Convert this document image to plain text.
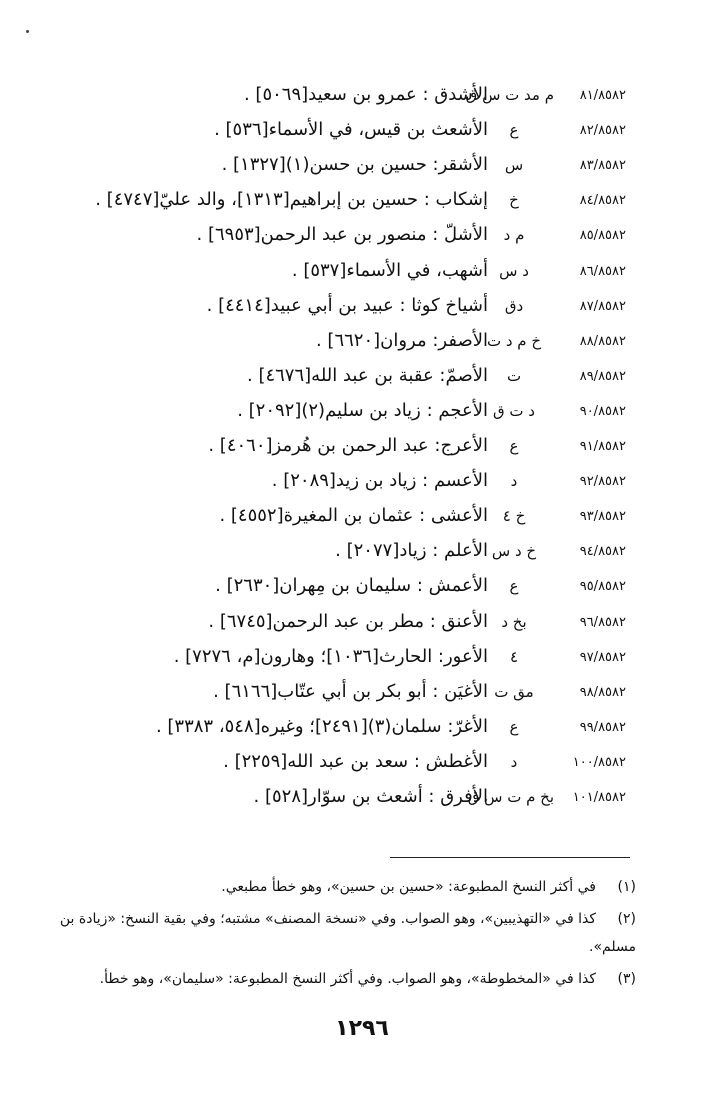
٨١/٨٥٨٢
م مد ت س ق
الأشدق : عمرو بن سعيد[٥٠٦٩] .
٨٢/٨٥٨٢
ع
الأشعث بن قيس، في الأسماء[٥٣٦] .
٨٣/٨٥٨٢
س
الأشقر: حسين بن حسن(١)[١٣٢٧] .
٨٤/٨٥٨٢
خ
إشكاب : حسين بن إبراهيم[١٣١٣]، والد عليّ[٤٧٤٧] .
٨٥/٨٥٨٢
م د
الأشلّ : منصور بن عبد الرحمن[٦٩٥٣] .
٨٦/٨٥٨٢
د س
أشهب، في الأسماء[٥٣٧] .
٨٧/٨٥٨٢
دق
أشياخ كوثا : عبيد بن أبي عبيد[٤٤١٤] .
٨٨/٨٥٨٢
خ م د ت
الأصفر: مروان[٦٦٢٠] .
٨٩/٨٥٨٢
ت
الأصمّ: عقبة بن عبد الله[٤٦٧٦] .
٩٠/٨٥٨٢
د ت ق
الأعجم : زياد بن سليم(٢)[٢٠٩٢] .
٩١/٨٥٨٢
ع
الأعرج: عبد الرحمن بن هُرمز[٤٠٦٠] .
٩٢/٨٥٨٢
د
الأعسم : زياد بن زيد[٢٠٨٩] .
٩٣/٨٥٨٢
خ ٤
الأعشى : عثمان بن المغيرة[٤٥٥٢] .
٩٤/٨٥٨٢
خ د س
الأعلم : زياد[٢٠٧٧] .
٩٥/٨٥٨٢
ع
الأعمش : سليمان بن مِهران[٢٦٣٠] .
٩٦/٨٥٨٢
بخ د
الأعنق : مطر بن عبد الرحمن[٦٧٤٥] .
٩٧/٨٥٨٢
٤
الأعور: الحارث[١٠٣٦]؛ وهارون[م، ٧٢٧٦] .
٩٨/٨٥٨٢
مق ت
الأغيَن : أبو بكر بن أبي عتّاب[٦١٦٦] .
٩٩/٨٥٨٢
ع
الأغرّ: سلمان(٣)[٢٤٩١]؛ وغيره[٥٤٨، ٣٣٨٣] .
١٠٠/٨٥٨٢
د
الأغطش : سعد بن عبد الله[٢٢٥٩] .
١٠١/٨٥٨٢
بخ م ت س ق
الأفرق : أشعث بن سوّار[٥٢٨] .
(١)
في أكثر النسخ المطبوعة: «حسين بن حسين»، وهو خطأ مطبعي.
(٢)
كذا في «التهذيبين»، وهو الصواب. وفي «نسخة المصنف» مشتبه؛ وفي بقية النسخ: «زيادة بن
مسلم».
(٣)
كذا في «المخطوطة»، وهو الصواب. وفي أكثر النسخ المطبوعة: «سليمان»، وهو خطأ.
١٢٩٦
